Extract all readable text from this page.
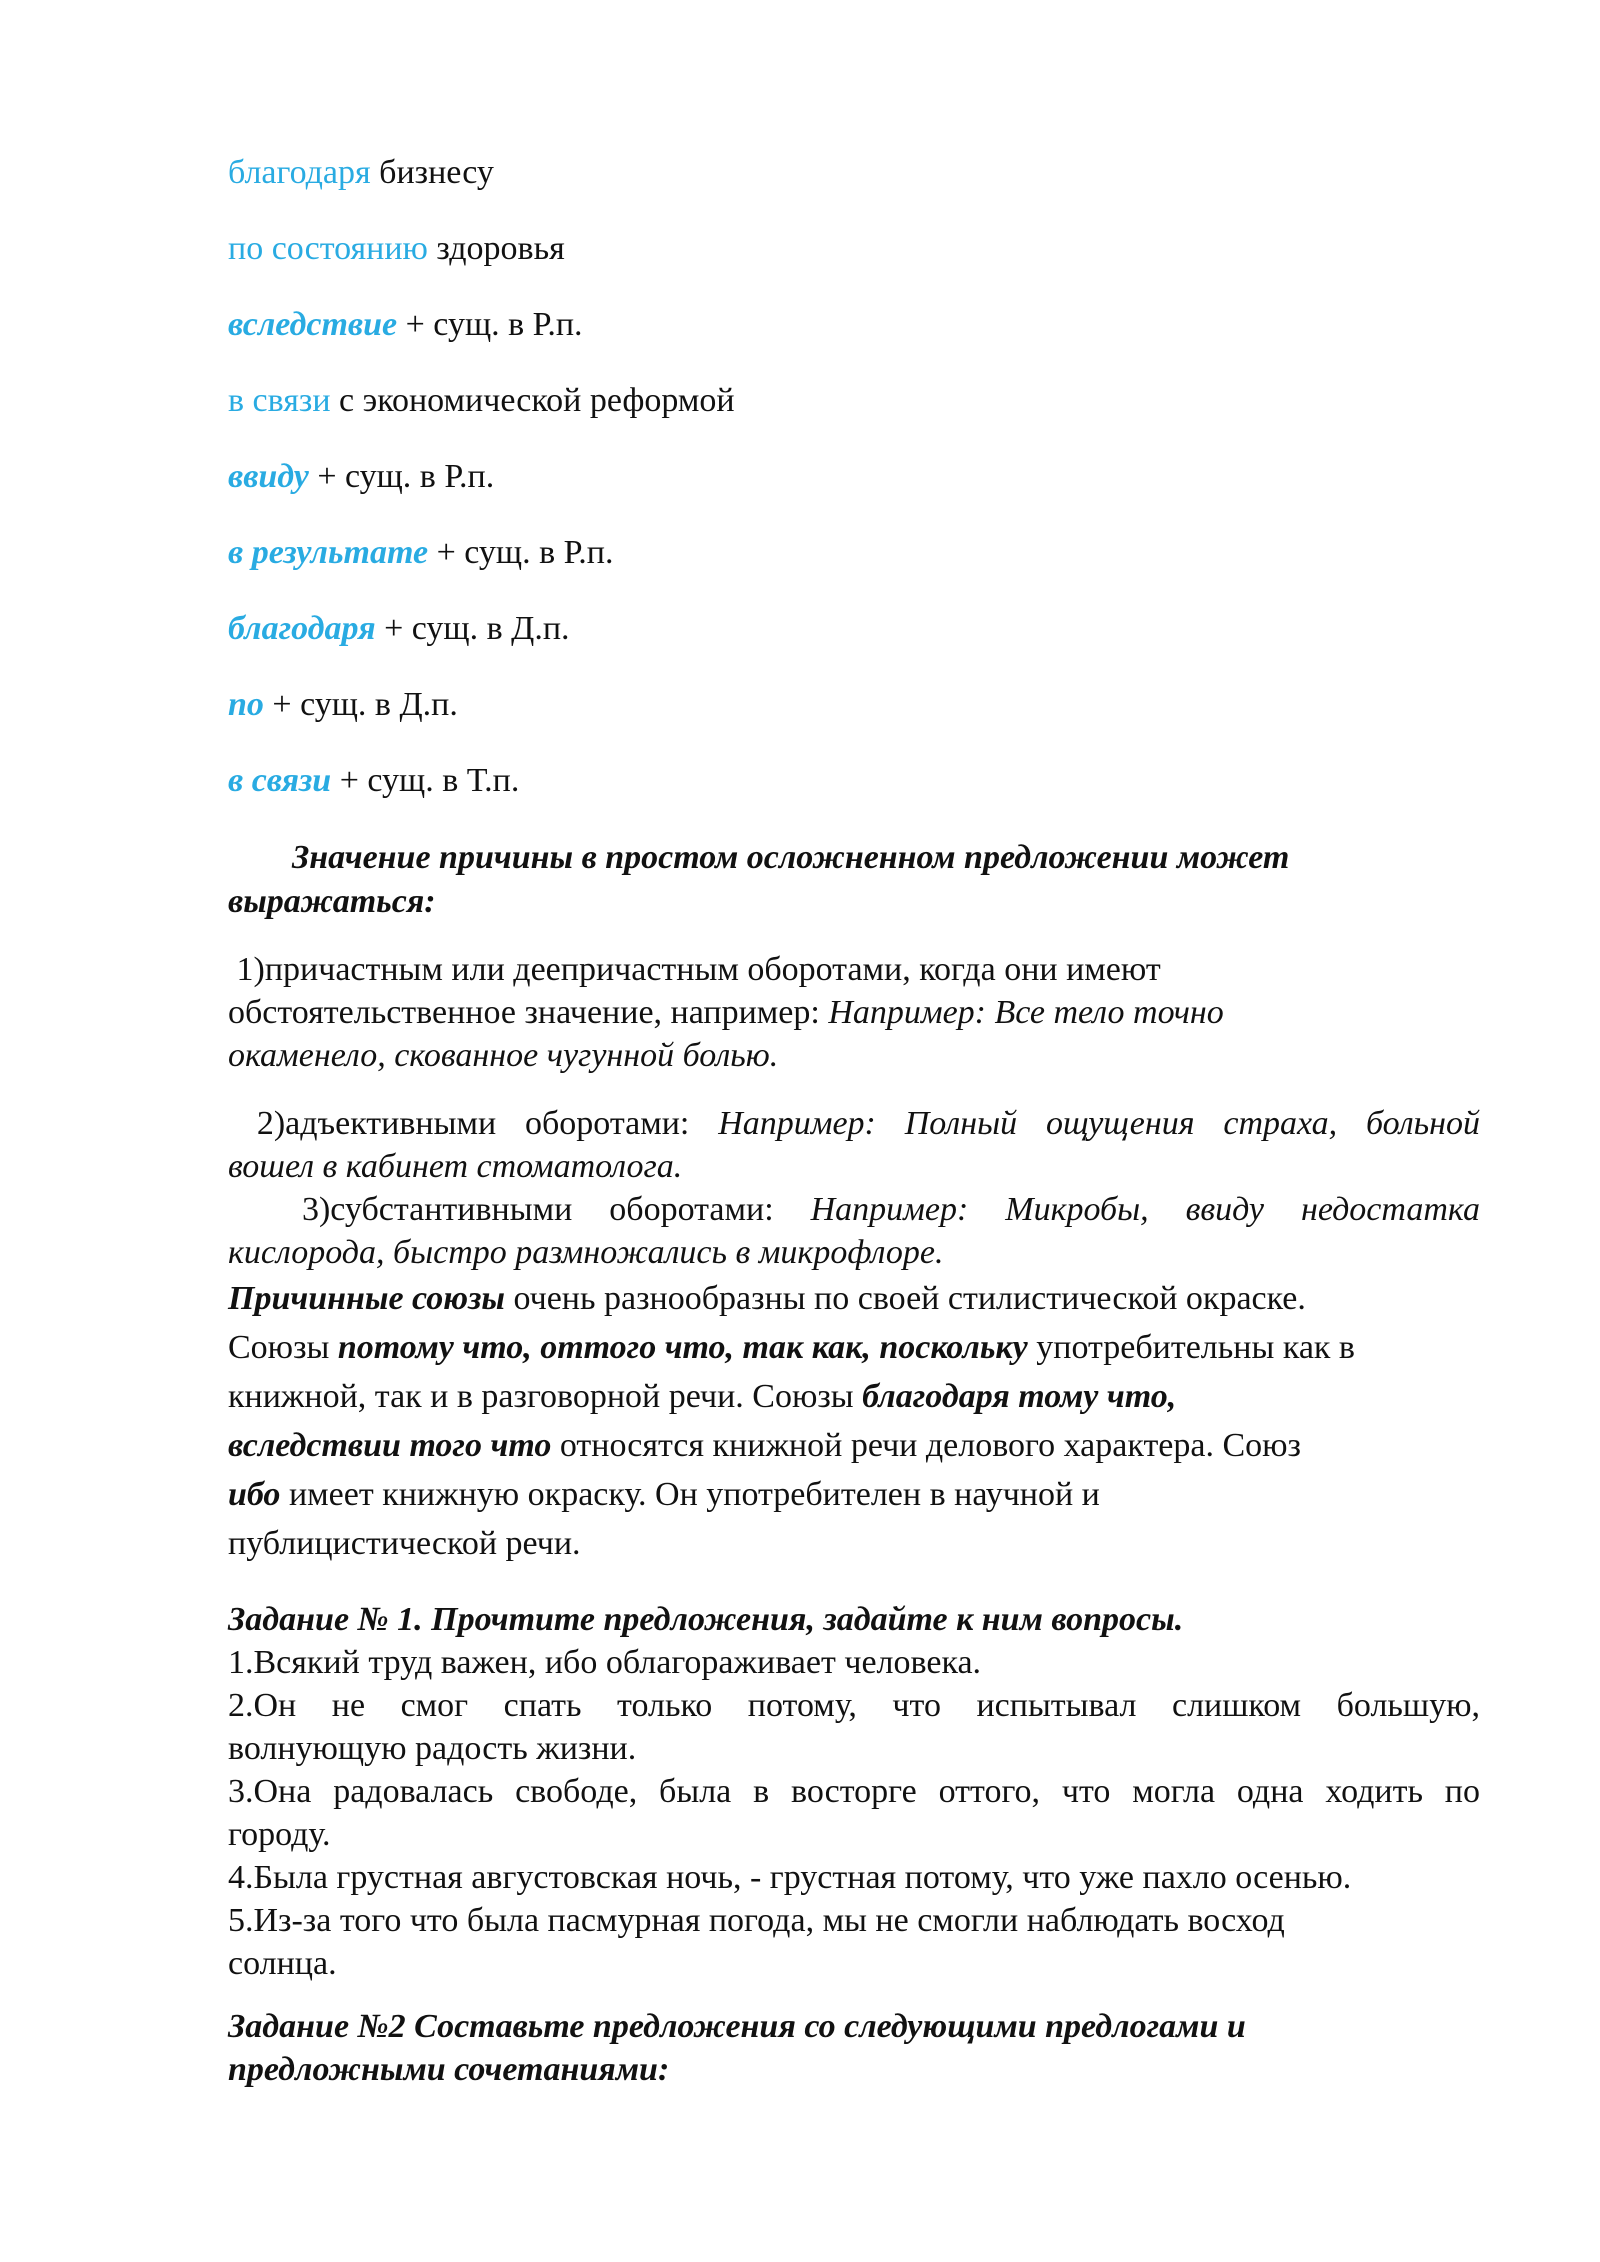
благодаря бизнесу
по состоянию здоровья
вследствие + сущ. в Р.п.
в связи с экономической реформой
ввиду + сущ. в Р.п.
в результате + сущ. в Р.п.
благодаря + сущ. в Д.п.
по + сущ. в Д.п.
в связи + сущ. в Т.п.
Значение причины в простом осложненном предложении может
выражаться:
1)причастным или деепричастным оборотами, когда они имеют
обстоятельственное значение, например: Например: Все тело точно
окаменело, скованное чугунной болью.
2)адъективными оборотами: Например: Полный ощущения страха, больной
вошел в кабинет стоматолога.
3)субстантивными оборотами: Например: Микробы, ввиду недостатка
кислорода, быстро размножались в микрофлоре.
Причинные союзы очень разнообразны по своей стилистической окраске.
Союзы потому что, оттого что, так как, поскольку употребительны как в
книжной, так и в разговорной речи. Союзы благодаря тому что,
вследствии того что относятся книжной речи делового характера. Союз
ибо имеет книжную окраску. Он употребителен в научной и
публицистической речи.
Задание № 1. Прочтите предложения, задайте к ним вопросы.
1.Всякий труд важен, ибо облагораживает человека.
2.Он не смог спать только потому, что испытывал слишком большую,
волнующую радость жизни.
3.Она радовалась свободе, была в восторге оттого, что могла одна ходить по
городу.
4.Была грустная августовская ночь, - грустная потому, что уже пахло осенью.
5.Из-за того что была пасмурная погода, мы не смогли наблюдать восход
солнца.
Задание №2 Составьте предложения со следующими предлогами и
предложными сочетаниями:
